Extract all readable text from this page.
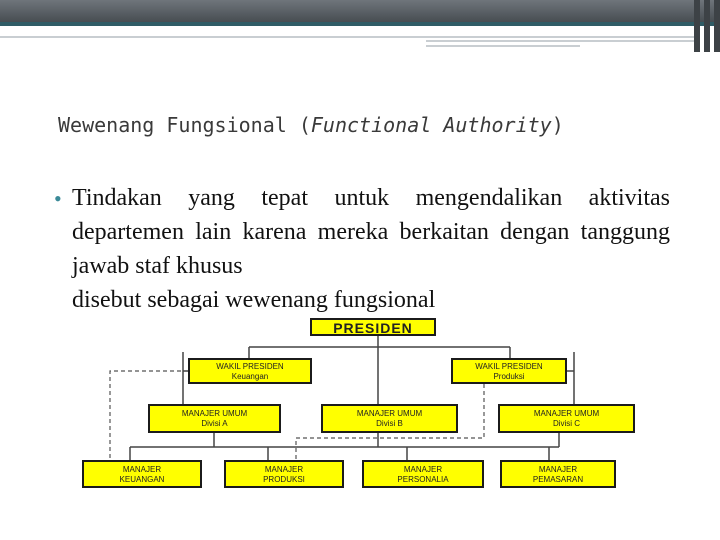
Wewenang Fungsional (Functional Authority)
• Tindakan yang tepat untuk mengendalikan aktivitas departemen lain karena mereka berkaitan dengan tanggung jawab staf khusus
disebut sebagai wewenang fungsional
PRESIDEN
WAKIL PRESIDEN
Keuangan
WAKIL PRESIDEN
Produksi
MANAJER UMUM
Divisi A
MANAJER UMUM
Divisi B
MANAJER UMUM
Divisi C
MANAJER
KEUANGAN
MANAJER
PRODUKSI
MANAJER
PERSONALIA
MANAJER
PEMASARAN
